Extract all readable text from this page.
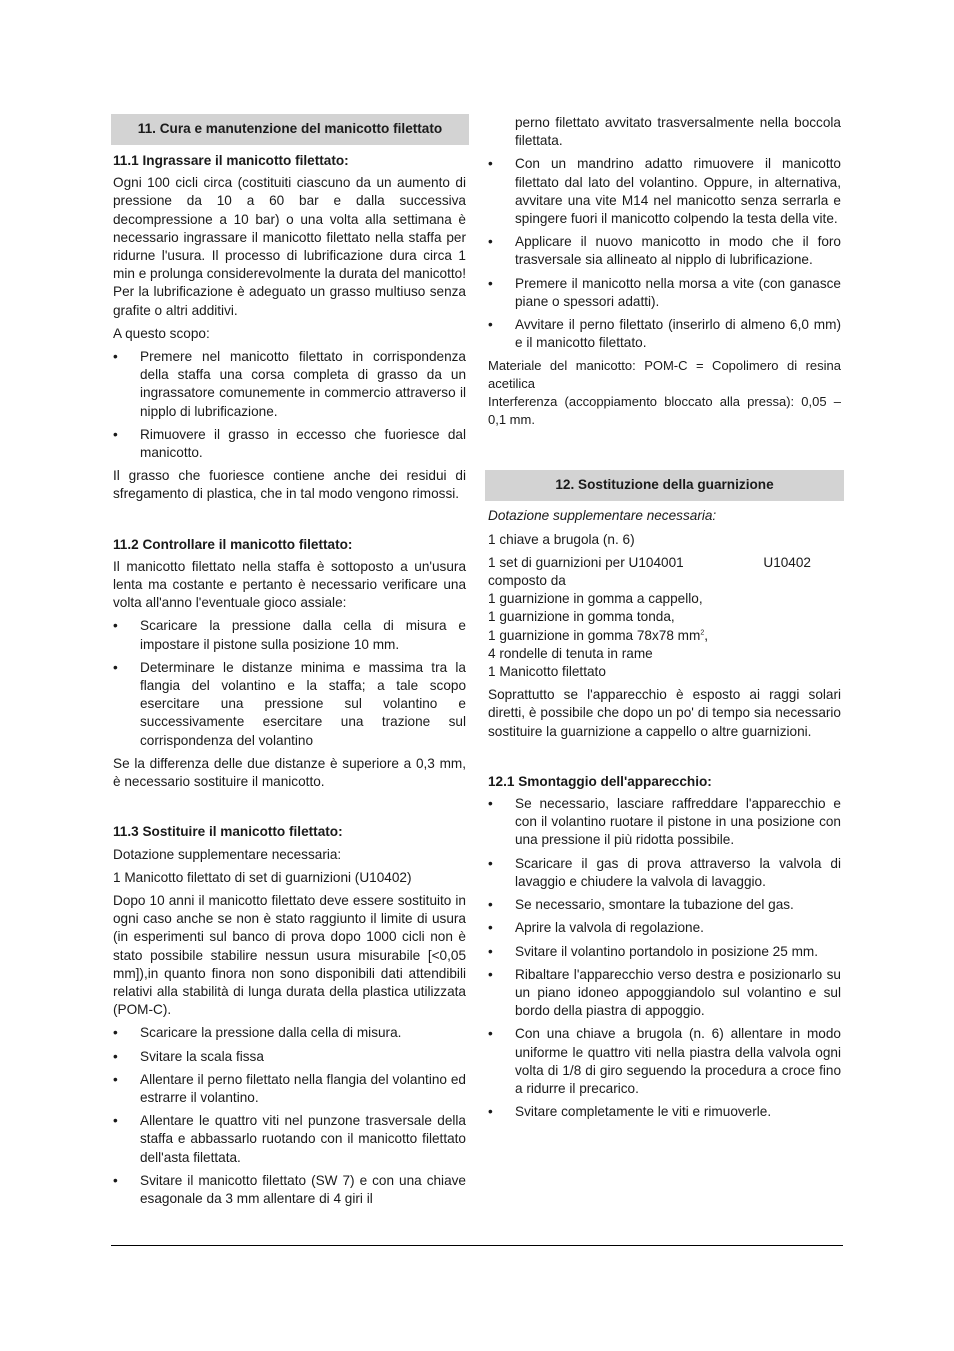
11. Cura e manutenzione del manicotto filettato
11.1 Ingrassare il manicotto filettato:

Ogni 100 cicli circa (costituiti ciascuno da un aumento di pressione da 10 a 60 bar e dalla successiva decompressione a 10 bar) o una volta alla settimana è necessario ingrassare il manicotto filettato nella staffa per ridurne l'usura. Il processo di lubrificazione dura circa 1 min e prolunga considerevolmente la durata del manicotto! Per la lubrificazione è adeguato un grasso multiuso senza grafite o altri additivi.

A questo scopo:

• Premere nel manicotto filettato in corrispondenza della staffa una corsa completa di grasso da un ingrassatore comunemente in commercio attraverso il nipplo di lubrificazione.
• Rimuovere il grasso in eccesso che fuoriesce dal manicotto.

Il grasso che fuoriesce contiene anche dei residui di sfregamento di plastica, che in tal modo vengono rimossi.

11.2 Controllare il manicotto filettato:

Il manicotto filettato nella staffa è sottoposto a un'usura lenta ma costante e pertanto è necessario verificare una volta all'anno l'eventuale gioco assiale:

• Scaricare la pressione dalla cella di misura e impostare il pistone sulla posizione 10 mm.
• Determinare le distanze minima e massima tra la flangia del volantino e la staffa; a tale scopo esercitare una pressione sul volantino e successivamente esercitare una trazione sul corrispondenza del volantino

Se la differenza delle due distanze è superiore a 0,3 mm, è necessario sostituire il manicotto.

11.3 Sostituire il manicotto filettato:

Dotazione supplementare necessaria:

1 Manicotto filettato di set di guarnizioni (U10402)

Dopo 10 anni il manicotto filettato deve essere sostituito in ogni caso anche se non è stato raggiunto il limite di usura (in esperimenti sul banco di prova dopo 1000 cicli non è stato possibile stabilire nessun usura misurabile [<0,05 mm]),in quanto finora non sono disponibili dati attendibili relativi alla stabilità di lunga durata della plastica utilizzata (POM-C).

• Scaricare la pressione dalla cella di misura.
• Svitare la scala fissa
• Allentare il perno filettato nella flangia del volantino ed estrarre il volantino.
• Allentare le quattro viti nel punzone trasversale della staffa e abbassarlo ruotando con il manicotto filettato dell'asta filettata.
• Svitare il manicotto filettato (SW 7) e con una chiave esagonale da 3 mm allentare di 4 giri il
perno filettato avvitato trasversalmente nella boccola filettata.
• Con un mandrino adatto rimuovere il manicotto filettato dal lato del volantino. Oppure, in alternativa, avvitare una vite M14 nel manicotto senza serrarla e spingere fuori il manicotto colpendo la testa della vite.
• Applicare il nuovo manicotto in modo che il foro trasversale sia allineato al nipplo di lubrificazione.
• Premere il manicotto nella morsa a vite (con ganasce piane o spessori adatti).
• Avvitare il perno filettato (inserirlo di almeno 6,0 mm) e il manicotto filettato.

Materiale del manicotto: POM-C = Copolimero di resina acetilica

Interferenza (accoppiamento bloccato alla pressa): 0,05 – 0,1 mm.

12. Sostituzione della guarnizione

Dotazione supplementare necessaria:

1 chiave a brugola (n. 6)

1 set di guarnizioni per U104001	U10402
composto da
1 guarnizione in gomma a cappello,
1 guarnizione in gomma tonda,
1 guarnizione in gomma 78x78 $mm^2$,
4 rondelle di tenuta in rame
1 Manicotto filettato

Soprattutto se l'apparecchio è esposto ai raggi solari diretti, è possibile che dopo un po' di tempo sia necessario sostituire la guarnizione a cappello o altre guarnizioni.

12.1 Smontaggio dell'apparecchio:
• Se necessario, lasciare raffreddare l'apparecchio e con il volantino ruotare il pistone in una posizione con una pressione il più ridotta possibile.
• Scaricare il gas di prova attraverso la valvola di lavaggio e chiudere la valvola di lavaggio.
• Se necessario, smontare la tubazione del gas.
• Aprire la valvola di regolazione.
• Svitare il volantino portandolo in posizione 25 mm.
• Ribaltare l'apparecchio verso destra e posizionarlo su un piano idoneo appoggiandolo sul volantino e sul bordo della piastra di appoggio.
• Con una chiave a brugola (n. 6) allentare in modo uniforme le quattro viti nella piastra della valvola ogni volta di 1/8 di giro seguendo la procedura a croce fino a ridurre il precarico.
• Svitare completamente le viti e rimuoverle.
